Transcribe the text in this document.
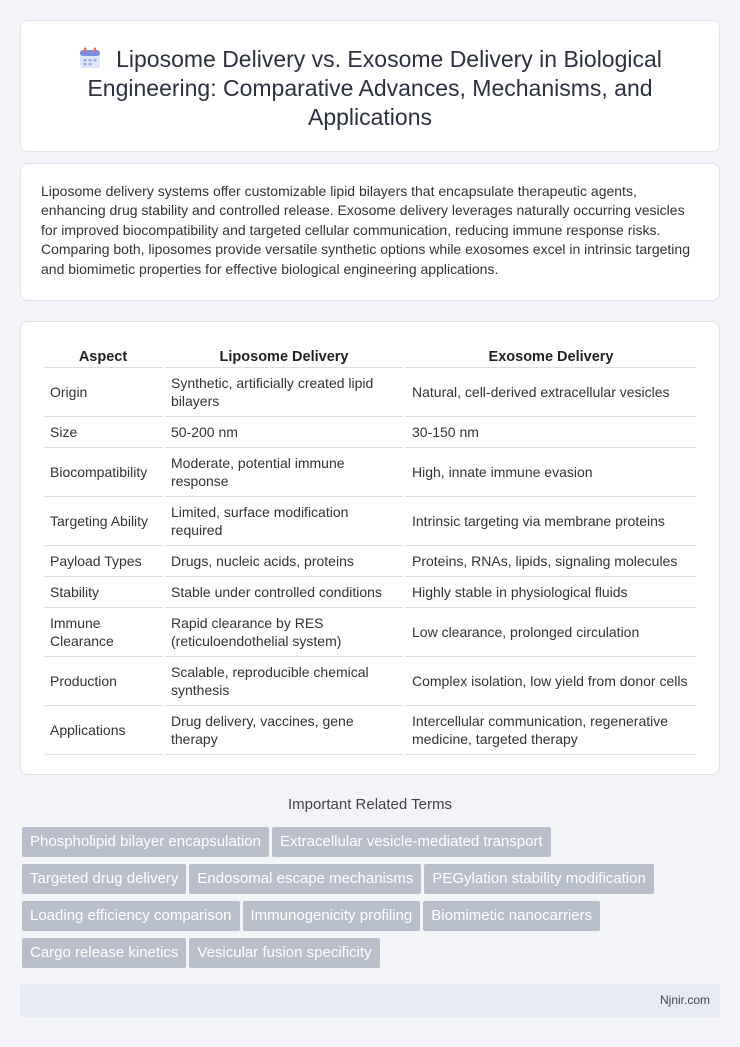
Liposome Delivery vs. Exosome Delivery in Biological Engineering: Comparative Advances, Mechanisms, and Applications

Liposome delivery systems offer customizable lipid bilayers that encapsulate therapeutic agents, enhancing drug stability and controlled release. Exosome delivery leverages naturally occurring vesicles for improved biocompatibility and targeted cellular communication, reducing immune response risks. Comparing both, liposomes provide versatile synthetic options while exosomes excel in intrinsic targeting and biomimetic properties for effective biological engineering applications.

Aspect	Liposome Delivery	Exosome Delivery
Origin	Synthetic, artificially created lipid bilayers	Natural, cell-derived extracellular vesicles
Size	50-200 nm	30-150 nm
Biocompatibility	Moderate, potential immune response	High, innate immune evasion
Targeting Ability	Limited, surface modification required	Intrinsic targeting via membrane proteins
Payload Types	Drugs, nucleic acids, proteins	Proteins, RNAs, lipids, signaling molecules
Stability	Stable under controlled conditions	Highly stable in physiological fluids
Immune Clearance	Rapid clearance by RES (reticuloendothelial system)	Low clearance, prolonged circulation
Production	Scalable, reproducible chemical synthesis	Complex isolation, low yield from donor cells
Applications	Drug delivery, vaccines, gene therapy	Intercellular communication, regenerative medicine, targeted therapy
Important Related Terms
Phospholipid bilayer encapsulation Extracellular vesicle-mediated transport
Targeted drug delivery Endosomal escape mechanisms PEGylation stability modification
Loading efficiency comparison Immunogenicity profiling Biomimetic nanocarriers
Cargo release kinetics Vesicular fusion specificity
Njnir.com
